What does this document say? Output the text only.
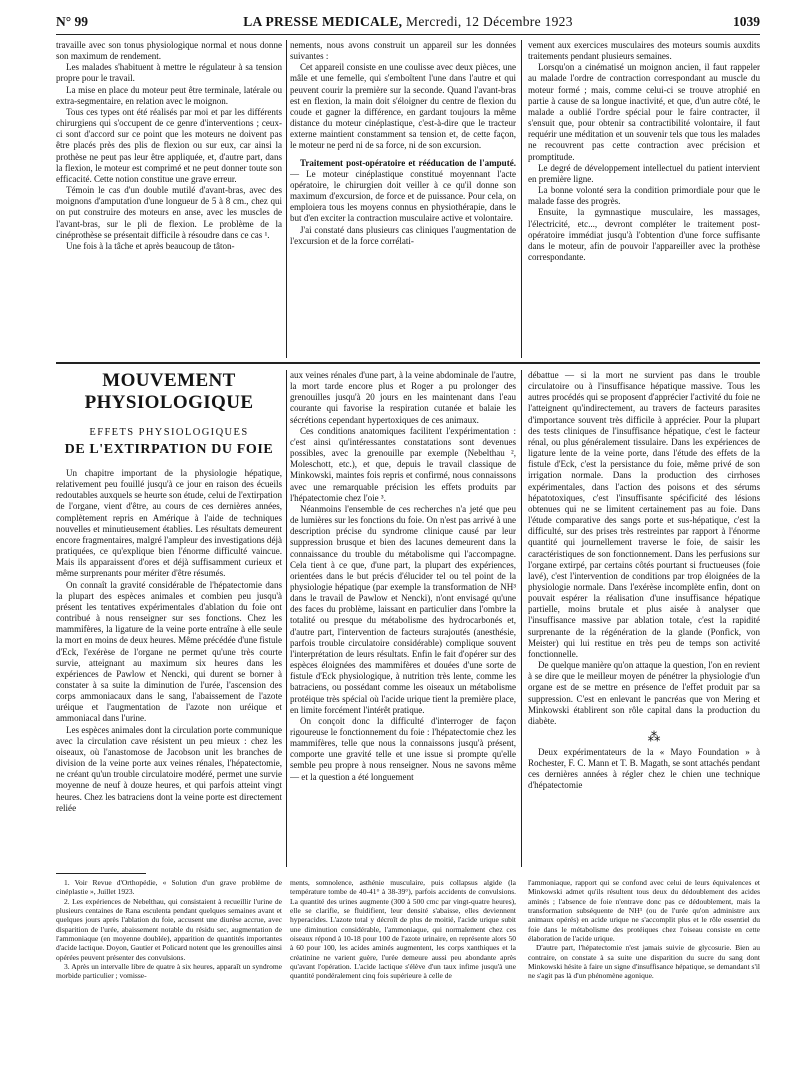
N° 99	LA PRESSE MEDICALE, Mercredi, 12 Décembre 1923	1039

travaille avec son tonus physiologique normal et nous donne son maximum de rendement.

Les malades s'habituent à mettre le régulateur à sa tension propre pour le travail.

La mise en place du moteur peut être terminale, latérale ou extra-segmentaire, en relation avec le moignon.

Tous ces types ont été réalisés par moi et par les différents chirurgiens qui s'occupent de ce genre d'interventions ; ceux-ci sont d'accord sur ce point que les moteurs ne doivent pas être placés près des plis de flexion ou sur eux, car ainsi la prothèse ne peut pas leur être appliquée, et, d'autre part, dans la flexion, le moteur est comprimé et ne peut donner toute son efficacité. Cette notion constitue une grave erreur.

Témoin le cas d'un double mutilé d'avant-bras, avec des moignons d'amputation d'une longueur de 5 à 8 cm., chez qui on put construire des moteurs en anse, avec les muscles de l'avant-bras, sur le pli de flexion. Le problème de la cinéprothèse se présentait difficile à résoudre dans ce cas ¹.

Une fois à la tâche et après beaucoup de tâton-

nements, nous avons construit un appareil sur les données suivantes :

Cet appareil consiste en une coulisse avec deux pièces, une mâle et une femelle, qui s'emboîtent l'une dans l'autre et qui peuvent courir la première sur la seconde. Quand l'avant-bras est en flexion, la main doit s'éloigner du centre de flexion du coude et gagner la différence, en gardant toujours la même distance du moteur cinéplastique, c'est-à-dire que le tracteur externe maintient constamment sa tension et, de cette façon, le moteur ne perd ni de sa force, ni de son excursion.

Traitement post-opératoire et rééducation de l'amputé. — Le moteur cinéplastique constitué moyennant l'acte opératoire, le chirurgien doit veiller à ce qu'il donne son maximum d'excursion, de force et de puissance. Pour cela, on emploiera tous les moyens connus en physiothérapie, dans le but d'en exciter la contraction musculaire active et volontaire.

J'ai constaté dans plusieurs cas cliniques l'augmentation de l'excursion et de la force corrélati-

vement aux exercices musculaires des moteurs soumis auxdits traitements pendant plusieurs semaines.

Lorsqu'on a cinématisé un moignon ancien, il faut rappeler au malade l'ordre de contraction correspondant au muscle du moteur formé ; mais, comme celui-ci se trouve atrophié en partie à cause de sa longue inactivité, et que, d'un autre côté, le malade a oublié l'ordre spécial pour le faire contracter, il s'ensuit que, pour obtenir sa contractibilité volontaire, il faut requérir une méditation et un souvenir tels que tous les malades ne recouvrent pas cette contraction avec précision et promptitude.

Le degré de développement intellectuel du patient intervient en première ligne.

La bonne volonté sera la condition primordiale pour que le malade fasse des progrès.

Ensuite, la gymnastique musculaire, les massages, l'électricité, etc..., devront compléter le traitement post-opératoire immédiat jusqu'à l'obtention d'une force suffisante dans le moteur, afin de pouvoir l'appareiller avec la prothèse correspondante.

MOUVEMENT PHYSIOLOGIQUE
EFFETS PHYSIOLOGIQUES
DE L'EXTIRPATION DU FOIE

Un chapitre important de la physiologie hépatique, relativement peu fouillé jusqu'à ce jour en raison des écueils redoutables auxquels se heurte son étude, celui de l'extirpation de l'organe, vient d'être, au cours de ces dernières années, complètement repris en Amérique à l'aide de techniques nouvelles et minutieusement établies. Les résultats demeurent encore fragmentaires, malgré l'ampleur des investigations déjà pratiquées, ce qu'explique bien l'énorme difficulté vaincue. Mais ils apparaissent d'ores et déjà suffisamment curieux et même surprenants pour mériter d'être résumés.

On connaît la gravité considérable de l'hépatectomie dans la plupart des espèces animales et combien peu jusqu'à présent les tentatives expérimentales d'ablation du foie ont contribué à nous renseigner sur ses fonctions. Chez les mammifères, la ligature de la veine porte entraîne à elle seule la mort en moins de deux heures. Même précédée d'une fistule d'Eck, l'exérèse de l'organe ne permet qu'une très courte survie, atteignant au maximum six heures dans les expériences de Pawlow et Nencki, qui durent se borner à constater à sa suite la diminution de l'urée, l'ascension des corps ammoniacaux dans le sang, l'abaissement de l'azote uréique et l'augmentation de l'azote non uréique et ammoniacal dans l'urine.

Les espèces animales dont la circulation porte communique avec la circulation cave résistent un peu mieux : chez les oiseaux, où l'anastomose de Jacobson unit les branches de division de la veine porte aux veines rénales, l'hépatectomie, ne créant qu'un trouble circulatoire modéré, permet une survie moyenne de neuf à douze heures, et qui parfois atteint vingt heures. Chez les batraciens dont la veine porte est directement reliée

aux veines rénales d'une part, à la veine abdominale de l'autre, la mort tarde encore plus et Roger a pu prolonger des grenouilles jusqu'à 20 jours en les maintenant dans l'eau courante qui favorise la respiration cutanée et balaie les sécrétions cependant hypertoxiques de ces animaux.

Ces conditions anatomiques facilitent l'expérimentation : c'est ainsi qu'intéressantes constatations sont devenues possibles, avec la grenouille par exemple (Nebelthau ², Moleschott, etc.), et que, depuis le travail classique de Minkowski, maintes fois repris et confirmé, nous connaissons avec une remarquable précision les effets produits par l'hépatectomie chez l'oie ³.

Néanmoins l'ensemble de ces recherches n'a jeté que peu de lumières sur les fonctions du foie. On n'est pas arrivé à une description précise du syndrome clinique causé par leur suppression brusque et bien des lacunes demeurent dans la connaissance du trouble du métabolisme qui l'accompagne. Cela tient à ce que, d'une part, la plupart des expériences, orientées dans le but précis d'élucider tel ou tel point de la physiologie hépatique (par exemple la transformation de NH³ dans le travail de Pawlow et Nencki), n'ont envisagé qu'une des faces du problème, laissant en particulier dans l'ombre la totalité ou presque du métabolisme des hydrocarbonés et, d'autre part, l'intervention de facteurs surajoutés (anesthésie, parfois trouble circulatoire considérable) complique souvent l'interprétation de leurs résultats. Enfin le fait d'opérer sur des espèces éloignées des mammifères et douées d'une sorte de fistule d'Eck physiologique, à nutrition très lente, comme les batraciens, ou possédant comme les oiseaux un métabolisme protéique très spécial où l'acide urique tient la première place, en limite forcément l'intérêt pratique.

On conçoit donc la difficulté d'interroger de façon rigoureuse le fonctionnement du foie : l'hépatectomie chez les mammifères, telle que nous la connaissons jusqu'à présent, comporte une gravité telle et une issue si prompte qu'elle semble peu propre à nous renseigner. Nous ne savons même — et la question a été longuement

débattue — si la mort ne survient pas dans le trouble circulatoire ou à l'insuffisance hépatique massive. Tous les autres procédés qui se proposent d'apprécier l'activité du foie ne l'atteignent qu'indirectement, au travers de facteurs parasites d'importance souvent très difficile à apprécier. Pour la plupart des tests cliniques de l'insuffisance hépatique, c'est le facteur rénal, ou plus généralement tissulaire. Dans les expériences de ligature lente de la veine porte, dans l'étude des effets de la fistule d'Eck, c'est la persistance du foie, même privé de son irrigation normale. Dans la production des cirrhoses expérimentales, dans l'action des poisons et des sérums hépatotoxiques, c'est l'insuffisante spécificité des lésions obtenues qui ne se limitent certainement pas au foie. Dans l'étude comparative des sangs porte et sus-hépatique, c'est la difficulté, sur des prises très restreintes par rapport à l'énorme quantité qui journellement traverse le foie, de saisir les caractéristiques de son fonctionnement. Dans les perfusions sur l'organe extirpé, par certains côtés pourtant si fructueuses (foie lavé), c'est l'intervention de conditions par trop éloignées de la physiologie normale. Dans l'exérèse incomplète enfin, dont on pouvait espérer la réalisation d'une insuffisance hépatique partielle, moins brutale et plus aisée à analyser que l'insuffisance massive par ablation totale, c'est la rapidité surprenante de la régénération de la glande (Ponfick, von Meister) qui lui restitue en très peu de temps son activité fonctionnelle.

De quelque manière qu'on attaque la question, l'on en revient à se dire que le meilleur moyen de pénétrer la physiologie d'un organe est de se mettre en présence de l'effet produit par sa suppression. C'est en enlevant le pancréas que von Mering et Minkowski établirent son rôle capital dans la production du diabète.

⁂

Deux expérimentateurs de la « Mayo Foundation » à Rochester, F. C. Mann et T. B. Magath, se sont attachés pendant ces dernières années à régler chez le chien une technique d'hépatectomie

1. Voir Revue d'Orthopédie, « Solution d'un grave problème de cinéplastie », Juillet 1923.

2. Les expériences de Nebelthau, qui consistaient à recueillir l'urine de plusieurs centaines de Rana esculenta pendant quelques semaines avant et quelques jours après l'ablation du foie, accusent une diurèse accrue, avec disparition de l'urée, abaissement notable du résidu sec, augmentation de l'ammoniaque (en moyenne doublée), apparition de quantités importantes d'acide lactique. Doyon, Gautier et Policard notent que les grenouilles ainsi opérées peuvent présenter des convulsions.

3. Après un intervalle libre de quatre à six heures, apparaît un syndrome morbide particulier ; vomisse-

ments, somnolence, asthénie musculaire, puis collapsus algide (la température tombe de 40-41° à 38-39°), parfois accidents de convulsions. La quantité des urines augmente (300 à 500 cmc par vingt-quatre heures), elle se clarifie, se fluidifient, leur densité s'abaisse, elles deviennent hyperacides. L'azote total y décroît de plus de moitié, l'acide urique subit une diminution considérable, l'ammoniaque, qui normalement chez ces oiseaux répond à 10-18 pour 100 de l'azote urinaire, en représente alors 50 à 60 pour 100, les acides aminés augmentent, les corps xanthiques et la créatinine ne varient guère, l'urée demeure aussi peu abondante après qu'avant l'opération. L'acide lactique s'élève d'un taux infime jusqu'à une quantité pondéralement cinq fois supérieure à celle de

l'ammoniaque, rapport qui se confond avec celui de leurs équivalences et Minkowski admet qu'ils résultent tous deux du dédoublement des acides aminés ; l'absence de foie n'entrave donc pas ce dédoublement, mais la transformation subséquente de NH³ (ou de l'urée qu'on administre aux animaux opérés) en acide urique ne s'accomplit plus et le rôle essentiel du foie dans le métabolisme des protéiques chez l'oiseau consiste en cette élaboration de l'acide urique.

D'autre part, l'hépatectomie n'est jamais suivie de glycosurie. Bien au contraire, on constate à sa suite une disparition du sucre du sang dont Minkowski hésite à faire un signe d'insuffisance hépatique, se demandant s'il ne s'agit pas là d'un phénomène agonique.
